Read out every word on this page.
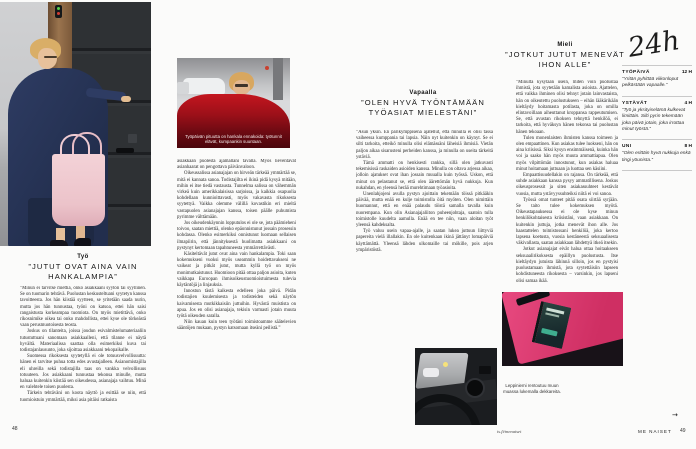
Työpäivän pituutta on hankala ennakoida: työtunnit elävät, kumpaankin suuntaan.
Työ
”JUTUT OVAT AINA VAIN HANKALAMPIA”

”Minun ei tarvitse miettiä, onko asiakkaani syytön tai syyllinen. Se on tuomarin tehtävä. Puolustan keskusteltuani syytetyn kanssa tavoitteesta. Jos hän kiistää syytteen, se yritetään saada nurin, mutta jos hän tunnustaa, työni on katsoa, ettei hän saisi rangaistusta korkeampaa tuomiota. On myös mietittävä, onko rikosnimike oikea tai onko mahdollista, ettei kyse ole törkeästä vaan perusmuotoisesta teosta.

Joskus on tilanteita, joissa joudun esivalmistelumateriaaliin tutustuttuani sanomaan asiakkaalleni, että tilanne ei näytä hyvältä. Materiaalissa saattaa olla esimerkiksi kuva tai todistajanlausunto, joka sijoittaa asiakkaani tekopaikalle.

Suomessa rikoksesta syytetyllä ei ole totuusvelvollisuutta: hänen ei tarvitse puhua totta edes avustajalleen. Asianomistajilla eli uhreilla sekä todistajilla taas on vankka velvollisuus totuuteen. Jos asiakkaani tunnustaa tekonsa minulle, mutta haluaa kuitenkin kiistää sen oikeudessa, asianajaja vaihtuu. Minä en valehtele toisen puolesta.

Tärkein tehtäväni on koota näyttö ja esittää se niin, että tuomioistuin ymmärtää, miksi asia pitäisi ratkaista

asiakkaan puolesta ajamallani tavalla. Myös lieventävät asianhaarat on pengottava päivänvaloon.

Oikeussalissa asianajajan on hirveän tärkeää ymmärtää se, mitä ei kannata sanoa. Todistajilta ei ikinä pidä kysyä mitään, mihin ei itse tiedä vastausta. Tunnelma salissa on vähemmän virkeä kuin amerikkalaisissa sarjoissa, ja kaikkia osapuolia kohdellaan kunnioittavasti, myös vakavasta rikoksesta syytettyä. Vaikka olemme välillä kovastikin eri mieltä vastapuolen asianajajan kanssa, toisen päälle puhumista pyrimme välttämään.

Jos oikeudenkäynnin lopputulos ei ole se, jota päämieheni toivoo, saatan miettiä, olenko epäonnistunut jossain prosessin kohdassa. Olenko esimerkiksi onnistunut luomaan sellaisen ilmapiirin, että jännityksestä huolimatta asiakkaani on pystynyt kertomaan tapahtuneesta ymmärrettävästi.

Käsiteltävät jutut ovat aina vain hankalampia. Toki saan kokemukseni vuoksi myös useammin hoidettavakseni ne vaikeat ja pitkät jutut, mutta kyllä työ on myös monimutkaistunut. Huomioon pitää ottaa paljon asioita, kuten vaikkapa Euroopan ihmisoikeustuomioistuimesta tulevia käytäntöjä ja linjauksia.

Innostun tästä kaikesta edelleen joka päivä. Pidän todistajien kuulemisesta ja todisteiden sekä näytön kaivamisesta mutkikkaisiin juttuihin. Hyvästä muistista on apua. Jos en olisi asianajaja, tekisin varmasti jotain muuta työtä oikeuden saralla.

Niin kauan kuin teen työtäni toimistoamme säätelevien sääntöjen mukaan, pystyn katsomaan itseäni peilistä.”

48
Vapaalla
”OLEN HYVÄ TYÖNTÄMÄÄN TYÖASIAT MIELESTÄNI”

”Asun yksin. En parikymppisenä ajatellut, että minulla ei olisi tässä vaiheessa kumppania tai lapsia. Näin nyt kuitenkin on käynyt. Se ei silti tarkoita, etteikö minulla olisi elämässäni läheisiä ihmisiä. Vietän paljon aikaa sisarusteni perheiden kanssa, ja minulla on useita tärkeitä ystäviä.

Tämä ammatti on henkisesti rankka, sillä olen jatkuvasti tekemisissä raskaiden asioiden kanssa. Minulla on oltava arjessa aikaa, jolloin ajatukset ovat ihan jossain muualla kuin työssä. Uskon, että minut on pelastanut se, että olen äärettömän hyvä nukkuja. Kun nukahdan, en yleensä herää murehtimaan työasioita.

Unenlahjojeni avulla pystyn ajoittain tekemään töissä pitkääkin päivää, mutta enää en kulje toimistolla öitä myöten. Olen nimittäin huomannut, että en enää palaudu töistä samalla tavalla kuin nuorempana. Kun olin Asianajajaliiton puheenjohtaja, saatoin tulla toimistolle kuudelta aamulla. Enää en tee niin, vaan aloitan työt yleensä kahdeksalta.

Työ valuu usein vapaa-ajalle, ja saatan lukea juttuun liittyviä papereita vielä illallakin. En ole kuitenkaan ikinä jättänyt lomapäiviä käyttämättä. Yleensä lähden ulkomaille tai mökille, pois arjen ympäristöstä.

Mieli
”JOTKUT JUTUT MENEVÄT IHON ALLE”

”Minulta kysytään usein, miten voin puolustaa ihmistä, jota syytetään kamalista asioista. Ajattelen, että vaikka ihminen olisi tehnyt jotain lainvastaista, hän on oikeutettu puolustukseen – eihän lääkärikään kieltäydy hoitamasta potilasta, joka on omilla elintavoillaan aiheuttanut kroppansa rappeutumisen. Se, että avustan rikoksen tehnyttä henkilöä, ei tarkoita, että hyväksyn hänen tekonsa tai puolustan hänen tekoaan.

Tulen monenlaisten ihmisten kanssa toimeen ja olen empaattinen. Kun asiakas tulee luokseni, hän on aina kriisissä. Siksi kysyn ensimmäisenä, kuinka hän voi ja saako hän myös muuta ammattiapua. Olen myös vilpittömän innostunut, kun asiakas haluaa minut hoitamaan juttuaan ja luottaa sen käsiini.

Empaattisuudellakin on rajansa. On tärkeää, että suhde asiakkaan kanssa pysyy ammatillisena. Joskus oikeusprosessit ja siten asiakassuhteet kestävät vuosia, mutta ystävyyssuhteiksi niitä ei voi sanoa.

Työssä omat tunteet pitää osata siirtää syrjään. Se taito tulee kokemuksen myötä. Oikeustapauksessa ei ole kyse minun henkilökohtaisesta kriisistäni, vaan asiakkaan. On kuitenkin juttuja, jotka menevät ihon alle. Jos haastattelen toimistossani henkilöä, joka kertoo lapsena koetusta, vuosia kestäneestä seksuaalisesta väkivallasta, saatan asiakkaan lähdettyä itkeä itsekin.

Jotkut asianajajat eivät halua ottaa hoitaakseen seksuaalirikoksesta epäillyn puolustusta. Itse kieltäydyn jutuista lähinnä silloin, jos en pystyisi puolustamaan ihmistä, jota syytettäisiin lapseen kohdistuneesta rikoksesta – varsinkin, jos lapseni olisi samaa ikää.

Leppiniemi rentoutuu muun muassa lukemalla dekkareita.
24h
TYÖPÄIVÄ	12 H
”Yritän pyhittää viikonloput pelkästään vapaalle.”
YSTÄVÄT	4 H
”Työ ja yksityiselämä kulkevat limittäin. Silti pyrin tekemään joka päivä jotain, joka irrottaa minut työstä.”
UNI	8 H
”Olen erittäin hyvä nukkuja enkä tingi yöunista.”
→
is.fi/menaiset	ME NAISET 49
